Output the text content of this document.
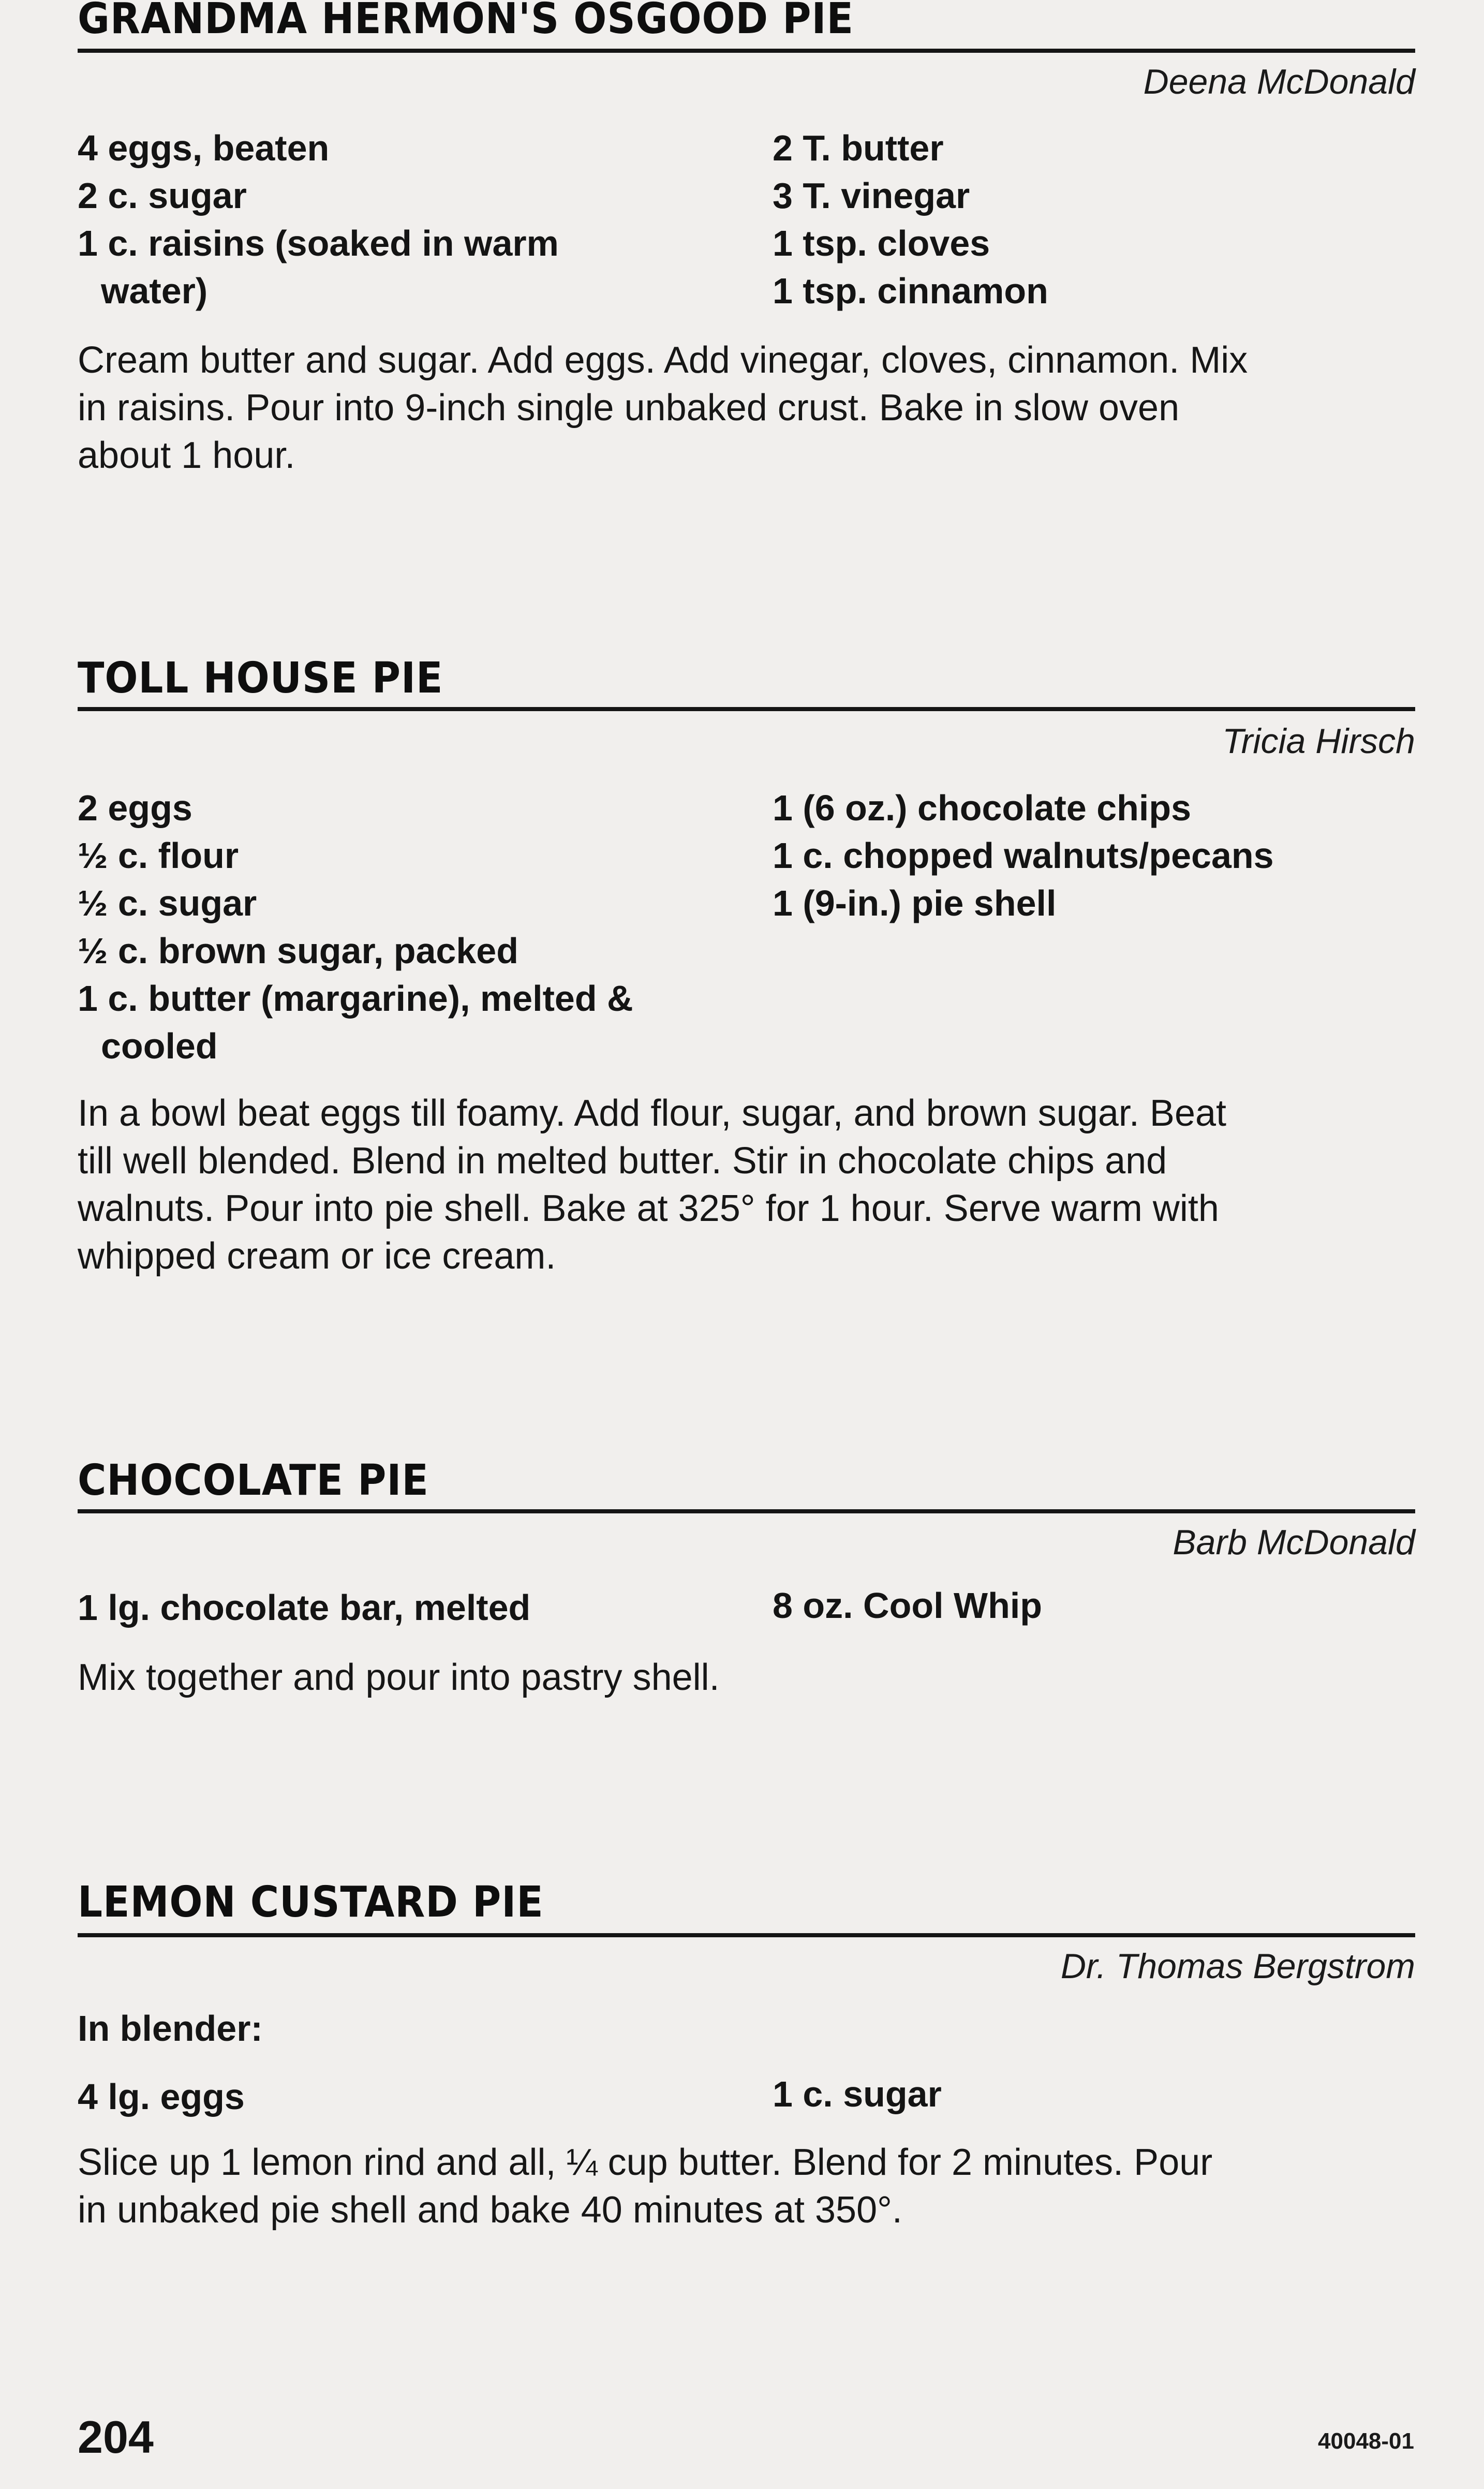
GRANDMA HERMON'S OSGOOD PIE
Deena McDonald
4 eggs, beaten
2 c. sugar
1 c. raisins (soaked in warm
water)
2 T. butter
3 T. vinegar
1 tsp. cloves
1 tsp. cinnamon
Cream butter and sugar. Add eggs. Add vinegar, cloves, cinnamon. Mix
in raisins. Pour into 9-inch single unbaked crust. Bake in slow oven
about 1 hour.
TOLL HOUSE PIE
Tricia Hirsch
2 eggs
½ c. flour
½ c. sugar
½ c. brown sugar, packed
1 c. butter (margarine), melted &
cooled
1 (6 oz.) chocolate chips
1 c. chopped walnuts/pecans
1 (9-in.) pie shell
In a bowl beat eggs till foamy. Add flour, sugar, and brown sugar. Beat
till well blended. Blend in melted butter. Stir in chocolate chips and
walnuts. Pour into pie shell. Bake at 325° for 1 hour. Serve warm with
whipped cream or ice cream.
CHOCOLATE PIE
Barb McDonald
1 lg. chocolate bar, melted	8 oz. Cool Whip
Mix together and pour into pastry shell.
LEMON CUSTARD PIE
Dr. Thomas Bergstrom
In blender:
4 lg. eggs	1 c. sugar
Slice up 1 lemon rind and all, ¼ cup butter. Blend for 2 minutes. Pour
in unbaked pie shell and bake 40 minutes at 350°.
204	40048-01
